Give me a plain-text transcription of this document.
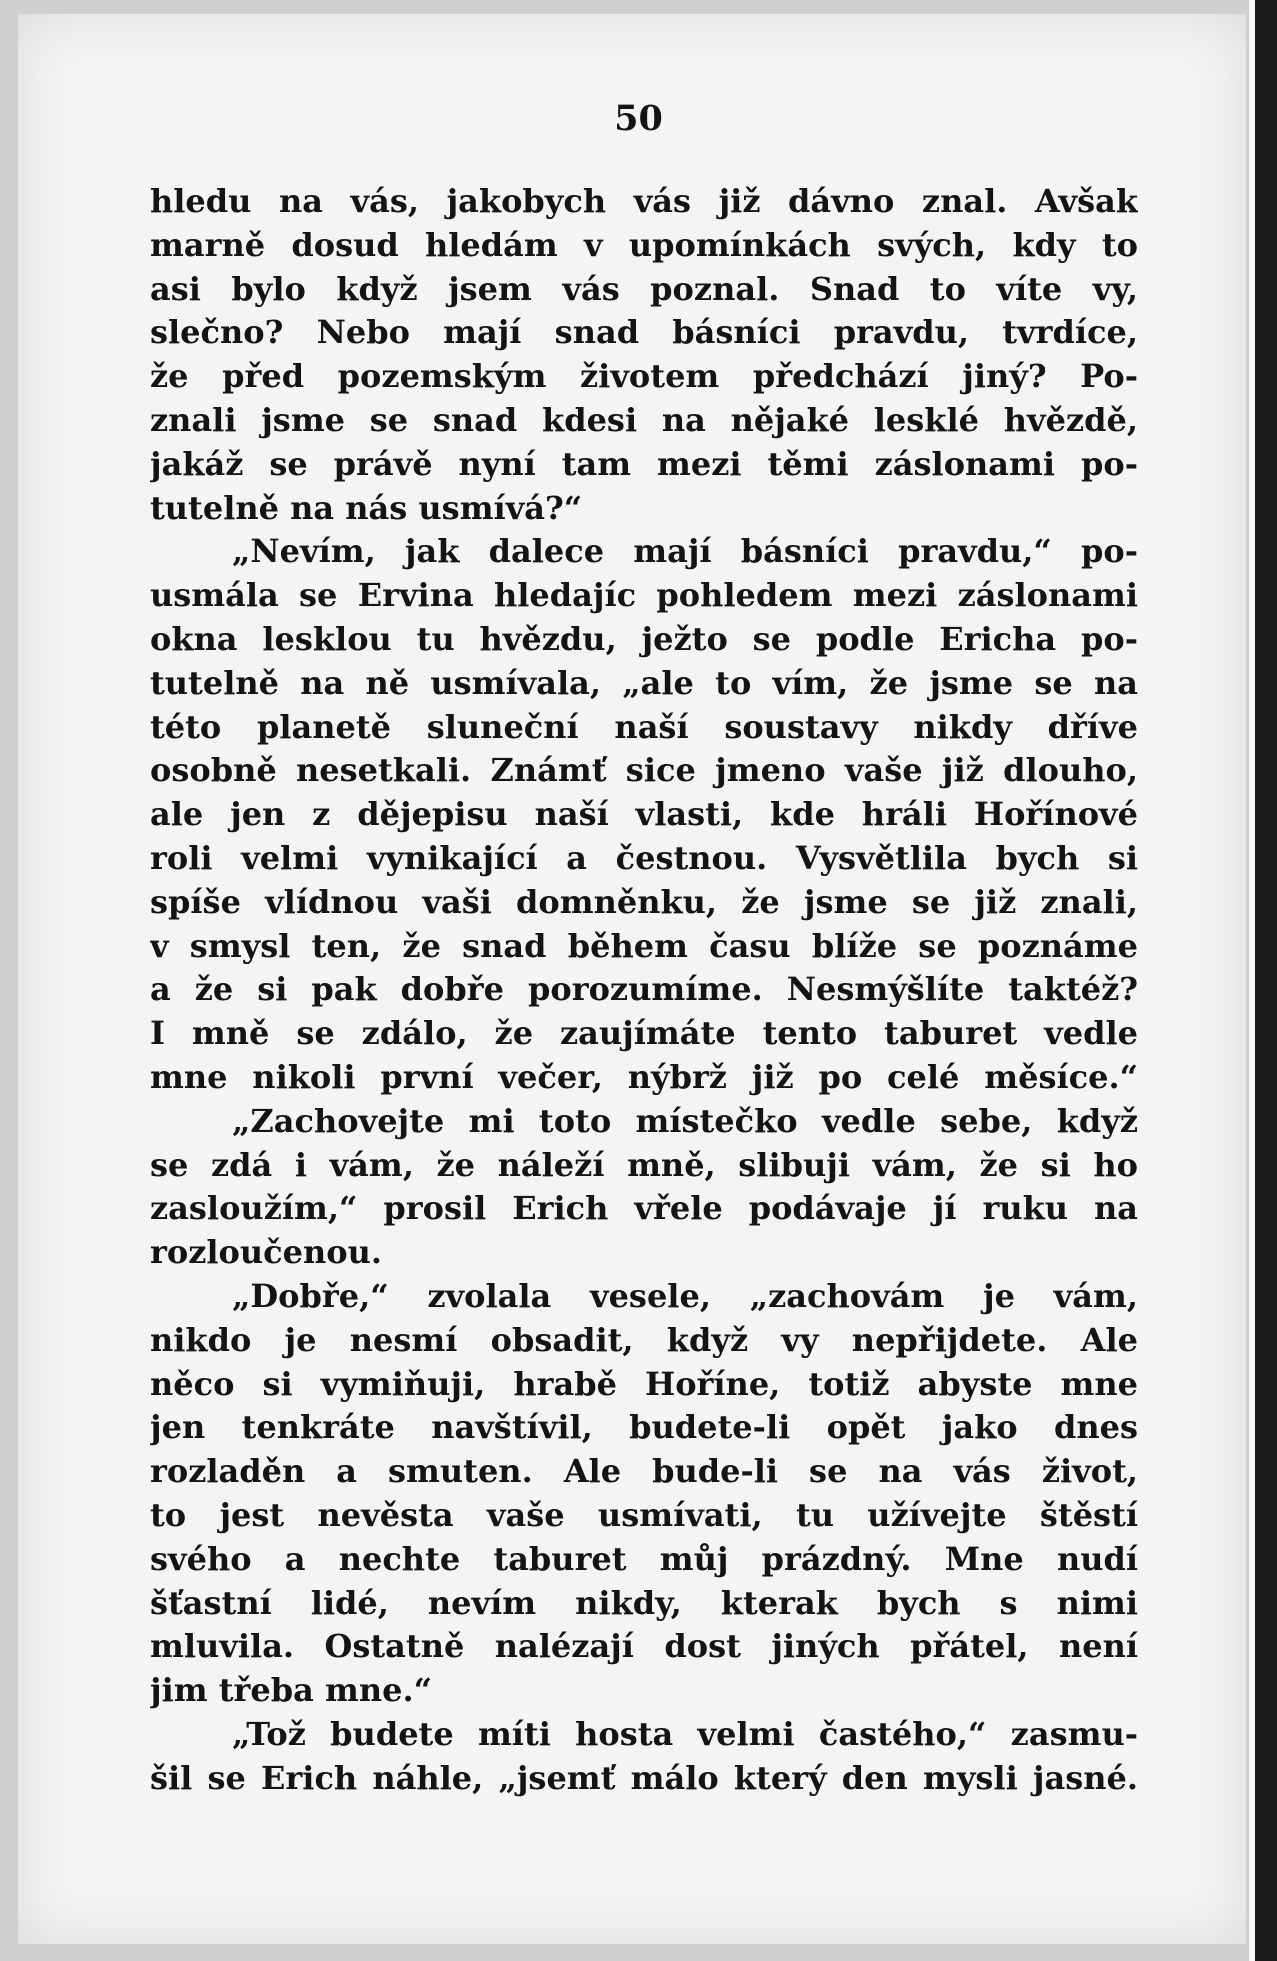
50
hledu na vás, jakobych vás již dávno znal. Avšak
marně dosud hledám v upomínkách svých, kdy to
asi bylo když jsem vás poznal. Snad to víte vy,
slečno? Nebo mají snad básníci pravdu, tvrdíce,
že před pozemským životem předchází jiný? Po-
znali jsme se snad kdesi na nějaké lesklé hvězdě,
jakáž se právě nyní tam mezi těmi záslonami po-
tutelně na nás usmívá?“
„Nevím, jak dalece mají básníci pravdu,“ po-
usmála se Ervina hledajíc pohledem mezi záslonami
okna lesklou tu hvězdu, ježto se podle Ericha po-
tutelně na ně usmívala, „ale to vím, že jsme se na
této planetě sluneční naší soustavy nikdy dříve
osobně nesetkali. Známť sice jmeno vaše již dlouho,
ale jen z dějepisu naší vlasti, kde hráli Hořínové
roli velmi vynikající a čestnou. Vysvětlila bych si
spíše vlídnou vaši domněnku, že jsme se již znali,
v smysl ten, že snad během času blíže se poznáme
a že si pak dobře porozumíme. Nesmýšlíte taktéž?
I mně se zdálo, že zaujímáte tento taburet vedle
mne nikoli první večer, nýbrž již po celé měsíce.“
„Zachovejte mi toto místečko vedle sebe, když
se zdá i vám, že náleží mně, slibuji vám, že si ho
zasloužím,“ prosil Erich vřele podávaje jí ruku na
rozloučenou.
„Dobře,“ zvolala vesele, „zachovám je vám,
nikdo je nesmí obsadit, když vy nepřijdete. Ale
něco si vymiňuji, hrabě Hoříne, totiž abyste mne
jen tenkráte navštívil, budete-li opět jako dnes
rozladěn a smuten. Ale bude-li se na vás život,
to jest nevěsta vaše usmívati, tu užívejte štěstí
svého a nechte taburet můj prázdný. Mne nudí
šťastní lidé, nevím nikdy, kterak bych s nimi
mluvila. Ostatně nalézají dost jiných přátel, není
jim třeba mne.“
„Tož budete míti hosta velmi častého,“ zasmu-
šil se Erich náhle, „jsemť málo který den mysli jasné.
